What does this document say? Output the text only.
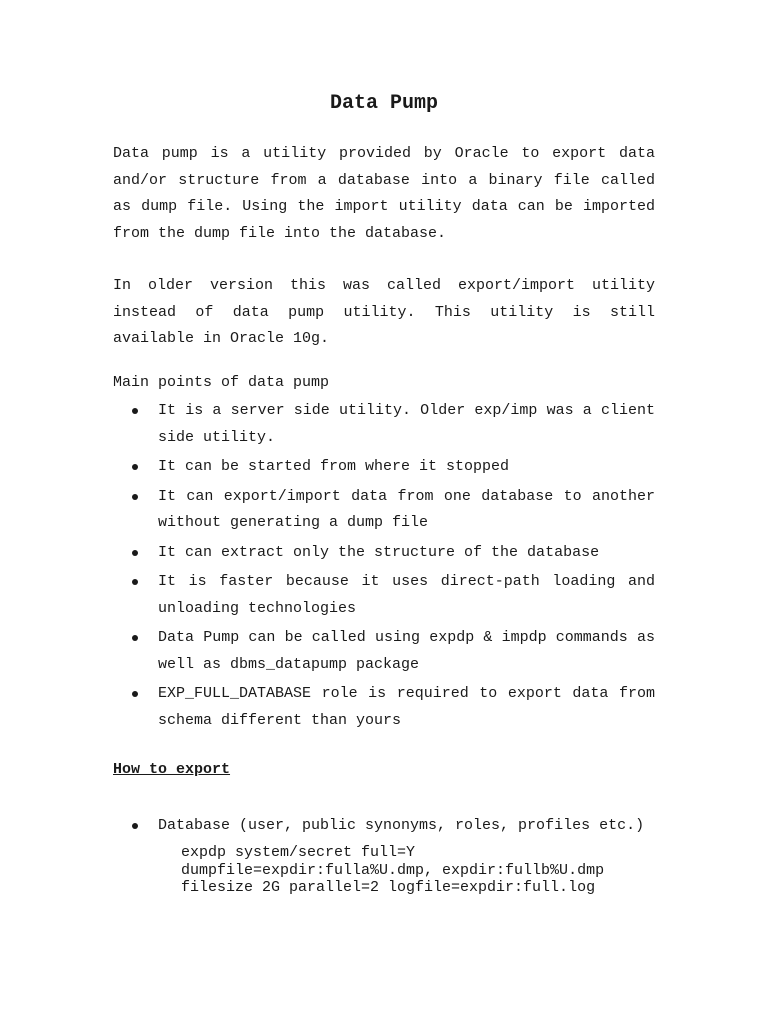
Data Pump
Data pump is a utility provided by Oracle to export data and/or structure from a database into a binary file called as dump file. Using the import utility data can be imported from the dump file into the database.
In older version this was called export/import utility instead of data pump utility. This utility is still available in Oracle 10g.
Main points of data pump
It is a server side utility. Older exp/imp was a client side utility.
It can be started from where it stopped
It can export/import data from one database to another without generating a dump file
It can extract only the structure of the database
It is faster because it uses direct-path loading and unloading technologies
Data Pump can be called using expdp & impdp commands as well as dbms_datapump package
EXP_FULL_DATABASE role is required to export data from schema different than yours
How to export
Database (user, public synonyms, roles, profiles etc.)
expdp system/secret full=Y
dumpfile=expdir:fulla%U.dmp, expdir:fullb%U.dmp
filesize 2G parallel=2 logfile=expdir:full.log
